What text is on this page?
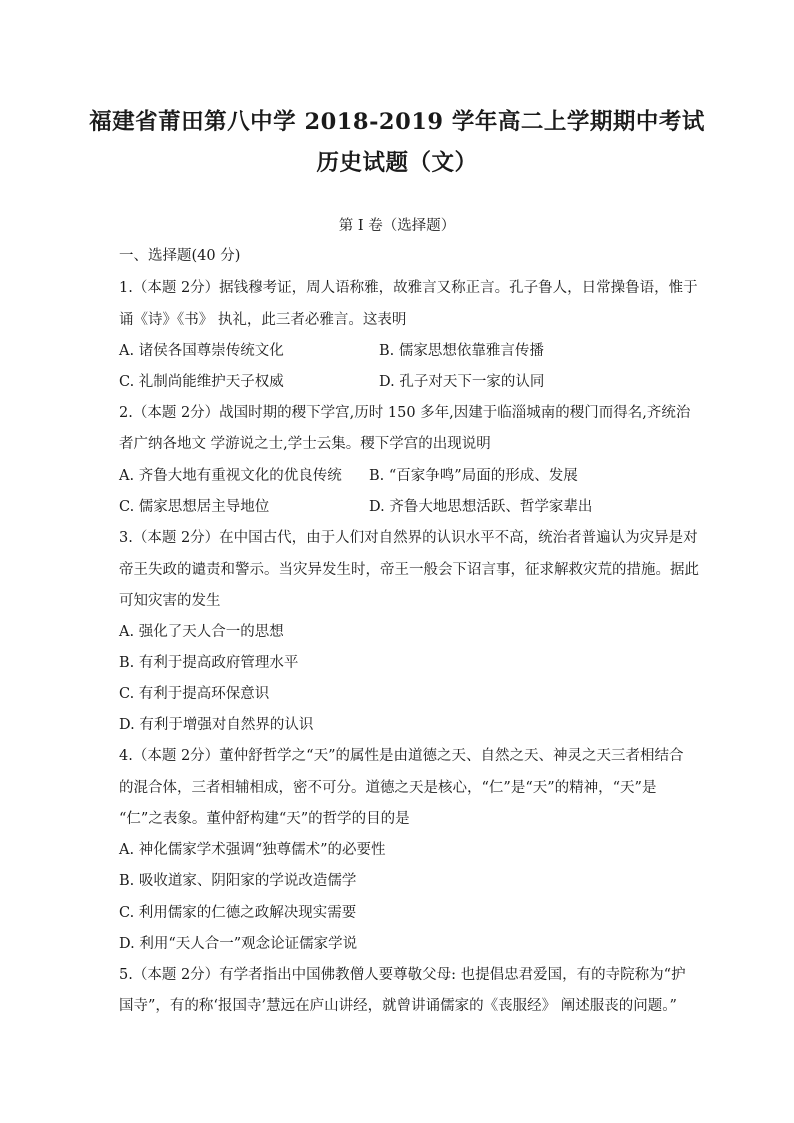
福建省莆田第八中学 2018-2019 学年高二上学期期中考试
历史试题（文）
第 I 卷（选择题）
一、选择题(40 分)
1.（本题 2分）据钱穆考证，周人语称雅，故雅言又称正言。孔子鲁人，日常操鲁语，惟于
诵《诗》《书》 执礼，此三者必雅言。这表明
A. 诸侯各国尊崇传统文化	B. 儒家思想依靠雅言传播
C. 礼制尚能维护天子权威	D. 孔子对天下一家的认同
2.（本题 2分）战国时期的稷下学宫,历时 150 多年,因建于临淄城南的稷门而得名,齐统治
者广纳各地文 学游说之士,学士云集。稷下学宫的出现说明
A. 齐鲁大地有重视文化的优良传统 B. “百家争鸣”局面的形成、发展
C. 儒家思想居主导地位	D. 齐鲁大地思想活跃、哲学家辈出
3.（本题 2分）在中国古代，由于人们对自然界的认识水平不高，统治者普遍认为灾异是对
帝王失政的谴责和警示。当灾异发生时，帝王一般会下诏言事，征求解救灾荒的措施。据此
可知灾害的发生
A. 强化了天人合一的思想
B. 有利于提高政府管理水平
C. 有利于提高环保意识
D. 有利于增强对自然界的认识
4.（本题 2分）董仲舒哲学之“天”的属性是由道德之天、自然之天、神灵之天三者相结合
的混合体，三者相辅相成，密不可分。道德之天是核心，“仁”是“天”的精神，“天”是
“仁”之表象。董仲舒构建“天”的哲学的目的是
A. 神化儒家学术强调“独尊儒术”的必要性
B. 吸收道家、阴阳家的学说改造儒学
C. 利用儒家的仁德之政解决现实需要
D. 利用“天人合一”观念论证儒家学说
5.（本题 2分）有学者指出中国佛教僧人要尊敬父母: 也提倡忠君爱国，有的寺院称为“护
国寺”，有的称‘报国寺’慧远在庐山讲经，就曾讲诵儒家的《丧服经》 阐述服丧的问题。”
